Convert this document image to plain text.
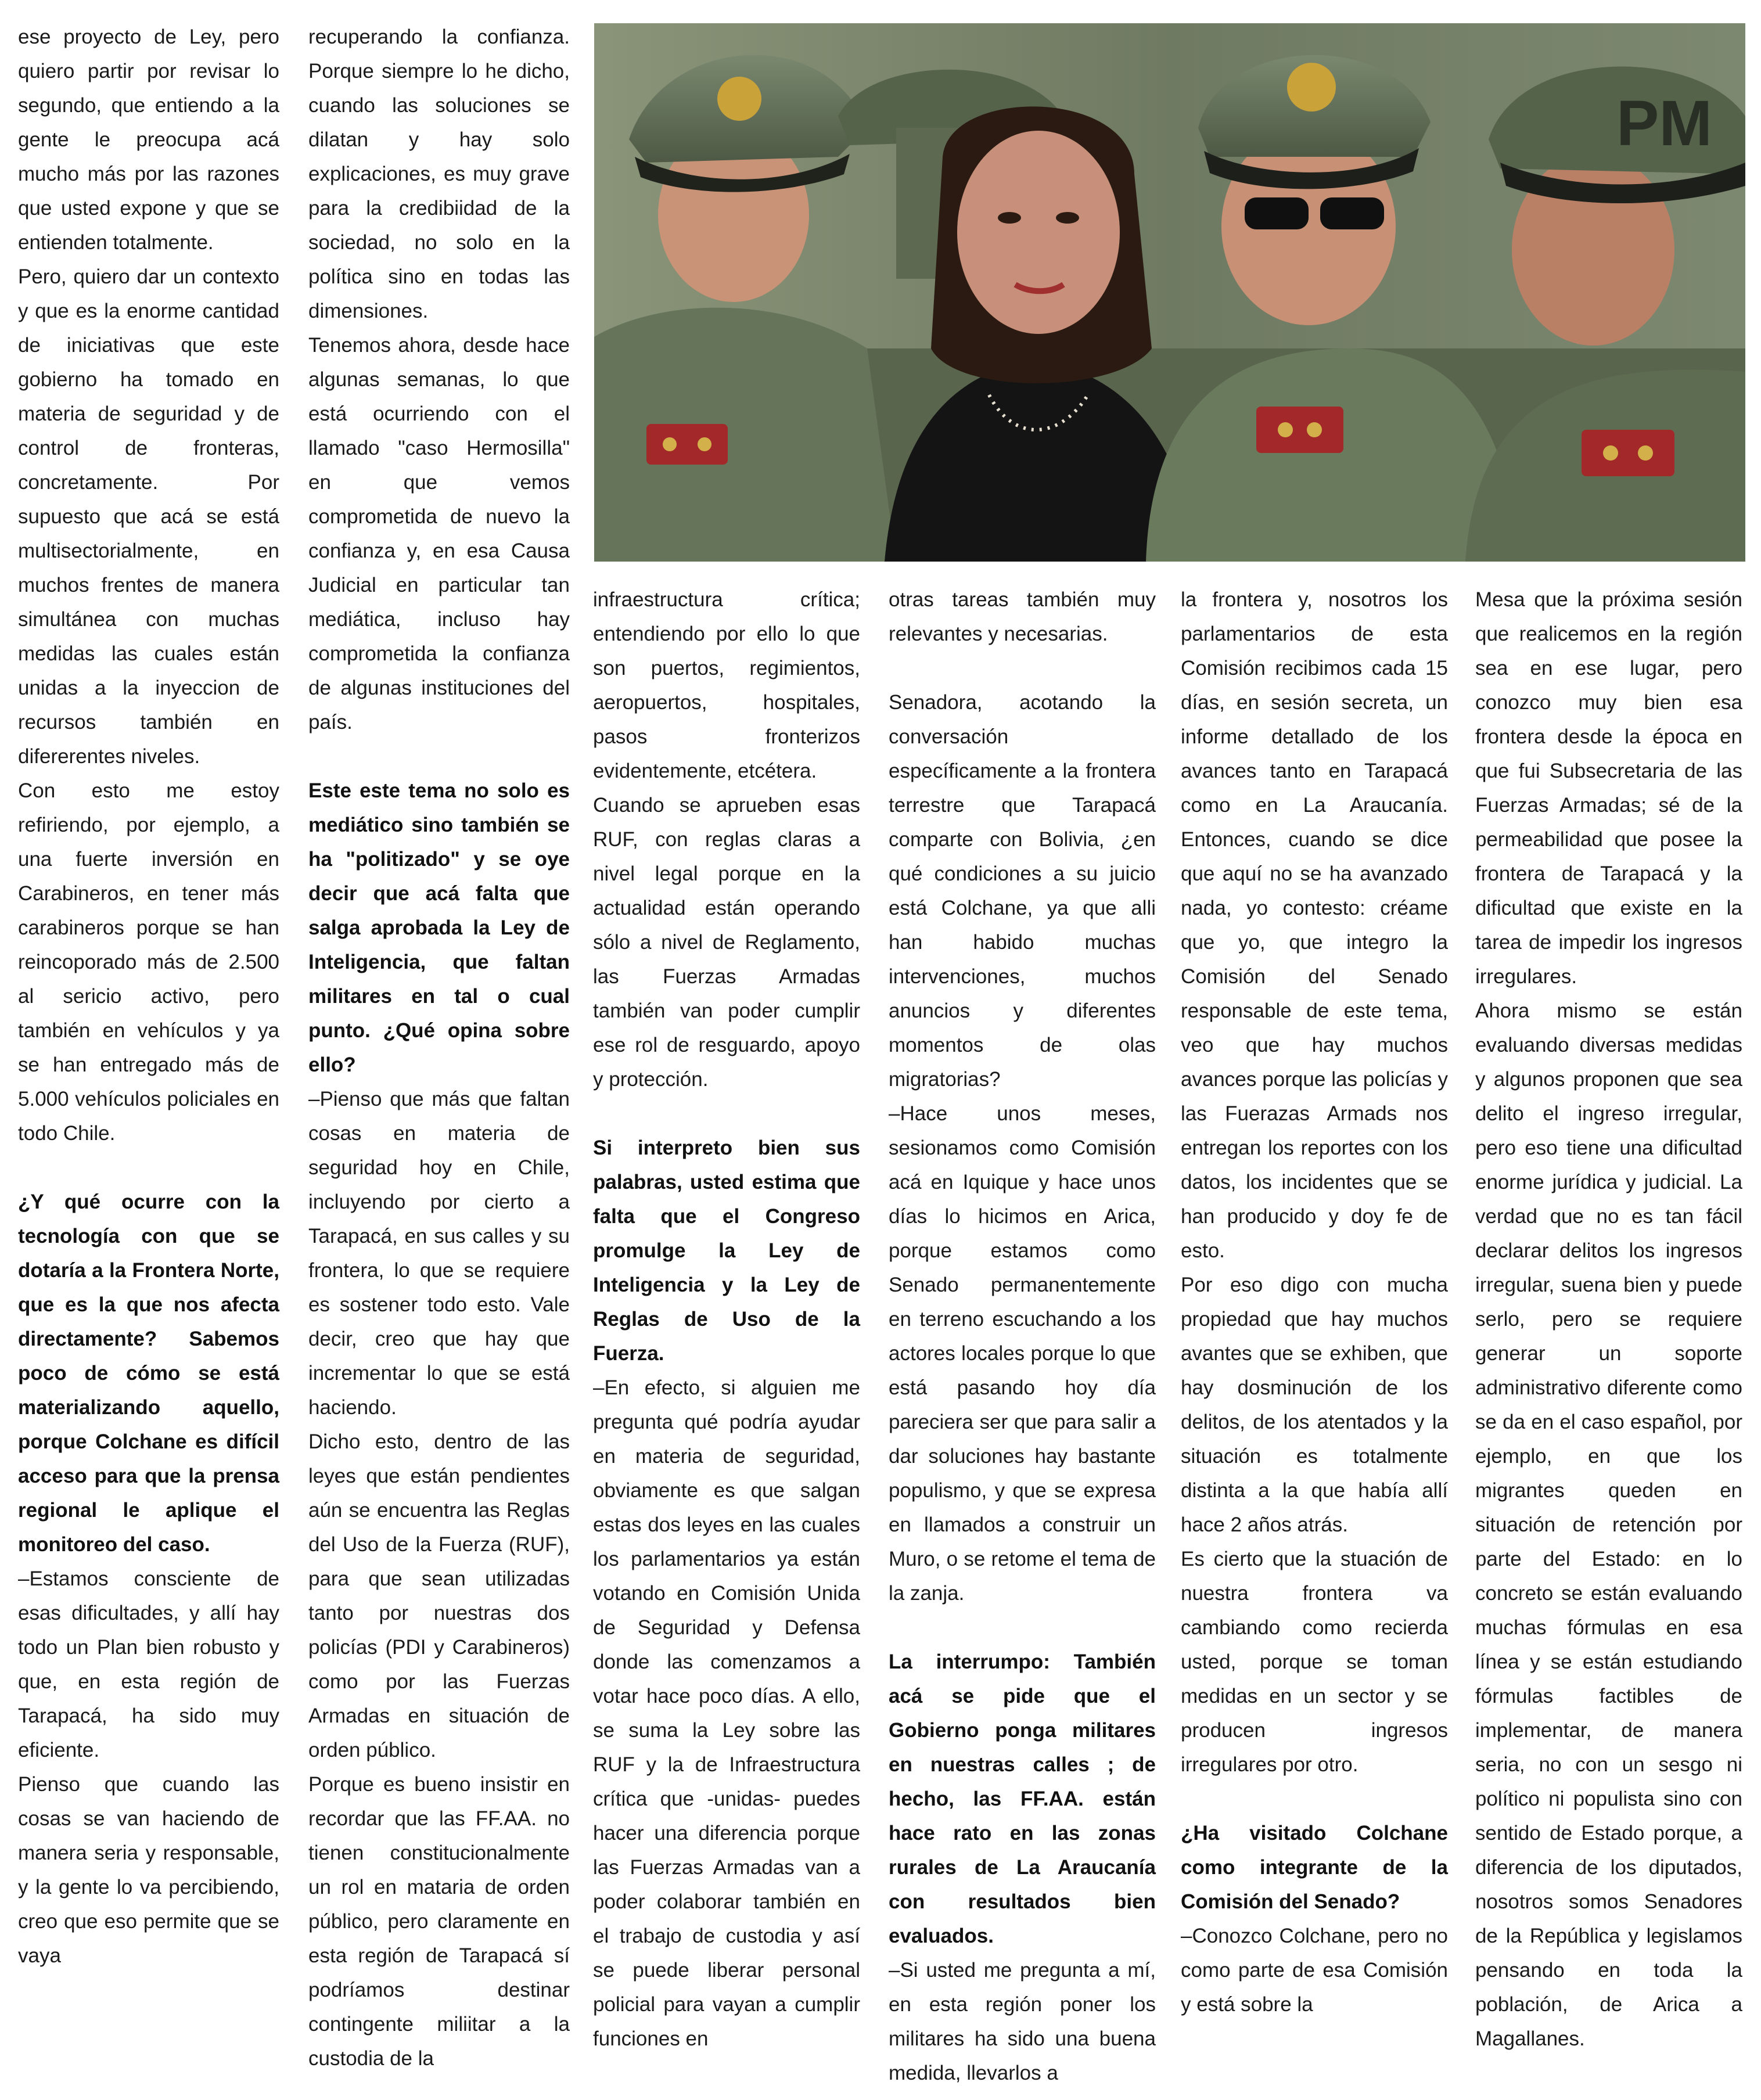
ese proyecto de Ley, pero quiero partir por revisar lo segundo, que entiendo a la gente le preocupa acá mucho más por las razones que usted expone y que se entienden totalmente.

Pero, quiero dar un contexto y que es la enorme cantidad de iniciativas que este gobierno ha tomado en materia de seguridad y de control de fronteras, concretamente. Por supuesto que acá se está multisectorialmente, en muchos frentes de manera simultánea con muchas medidas las cuales están unidas a la inyeccion de recursos también en difererentes niveles.

Con esto me estoy refiriendo, por ejemplo, a una fuerte inversión en Carabineros, en tener más carabineros porque se han reincoporado más de 2.500 al sericio activo, pero también en vehículos y ya se han entregado más de 5.000 vehículos policiales en todo Chile.

¿Y qué ocurre con la tecnología con que se dotaría a la Frontera Norte, que es la que nos afecta directamente? Sabemos poco de cómo se está materializando aquello, porque Colchane es difícil acceso para que la prensa regional le aplique el monitoreo del caso.

–Estamos consciente de esas dificultades, y allí hay todo un Plan bien robusto y que, en esta región de Tarapacá, ha sido muy eficiente.

Pienso que cuando las cosas se van haciendo de manera seria y responsable, y la gente lo va percibiendo, creo que eso permite que se vaya

recuperando la confianza. Porque siempre lo he dicho, cuando las soluciones se dilatan y hay solo explicaciones, es muy grave para la credibiidad de la sociedad, no solo en la política sino en todas las dimensiones.

Tenemos ahora, desde hace algunas semanas, lo que está ocurriendo con el llamado "caso Hermosilla" en que vemos comprometida de nuevo la confianza y, en esa Causa Judicial en particular tan mediática, incluso hay comprometida la confianza de algunas instituciones del país.

Este este tema no solo es mediático sino también se ha "politizado" y se oye decir que acá falta que salga aprobada la Ley de Inteligencia, que faltan militares en tal o cual punto. ¿Qué opina sobre ello?

–Pienso que más que faltan cosas en materia de seguridad hoy en Chile, incluyendo por cierto a Tarapacá, en sus calles y su frontera, lo que se requiere es sostener todo esto. Vale decir, creo que hay que incrementar lo que se está haciendo.

Dicho esto, dentro de las leyes que están pendientes aún se encuentra las Reglas del Uso de la Fuerza (RUF), para que sean utilizadas tanto por nuestras dos policías (PDI y Carabineros) como por las Fuerzas Armadas en situación de orden público.

Porque es bueno insistir en recordar que las FF.AA. no tienen constitucionalmente un rol en mataria de orden público, pero claramente en esta región de Tarapacá sí podríamos destinar contingente miliitar a la custodia de la

PM

infraestructura crítica; entendiendo por ello lo que son puertos, regimientos, aeropuertos, hospitales, pasos fronterizos evidentemente, etcétera.

Cuando se aprueben esas RUF, con reglas claras a nivel legal porque en la actualidad están operando sólo a nivel de Reglamento, las Fuerzas Armadas también van poder cumplir ese rol de resguardo, apoyo y protección.

Si interpreto bien sus palabras, usted estima que falta que el Congreso promulge la Ley de Inteligencia y la Ley de Reglas de Uso de la Fuerza.

–En efecto, si alguien me pregunta qué podría ayudar en materia de seguridad, obviamente es que salgan estas dos leyes en las cuales los parlamentarios ya están votando en Comisión Unida de Seguridad y Defensa donde las comenzamos a votar hace poco días. A ello, se suma la Ley sobre las RUF y la de Infraestructura crítica que -unidas- puedes hacer una diferencia porque las Fuerzas Armadas van a poder colaborar también en el trabajo de custodia y así se puede liberar personal policial para vayan a cumplir funciones en

otras tareas también muy relevantes y necesarias.

Senadora, acotando la conversación específicamente a la frontera terrestre que Tarapacá comparte con Bolivia, ¿en qué condiciones a su juicio está Colchane, ya que alli han habido muchas intervenciones, muchos anuncios y diferentes momentos de olas migratorias?

–Hace unos meses, sesionamos como Comisión acá en Iquique y hace unos días lo hicimos en Arica, porque estamos como Senado permanentemente en terreno escuchando a los actores locales porque lo que está pasando hoy día pareciera ser que para salir a dar soluciones hay bastante populismo, y que se expresa en llamados a construir un Muro, o se retome el tema de la zanja.

La interrumpo: También acá se pide que el Gobierno ponga militares en nuestras calles ; de hecho, las FF.AA. están hace rato en las zonas rurales de La Araucanía con resultados bien evaluados.

–Si usted me pregunta a mí, en esta región poner los militares ha sido una buena medida, llevarlos a

la frontera y, nosotros los parlamentarios de esta Comisión recibimos cada 15 días, en sesión secreta, un informe detallado de los avances tanto en Tarapacá como en La Araucanía. Entonces, cuando se dice que aquí no se ha avanzado nada, yo contesto: créame que yo, que integro la Comisión del Senado responsable de este tema, veo que hay muchos avances porque las policías y las Fuerazas Armads nos entregan los reportes con los datos, los incidentes que se han producido y doy fe de esto.

Por eso digo con mucha propiedad que hay muchos avantes que se exhiben, que hay dosminución de los delitos, de los atentados y la situación es totalmente distinta a la que había allí hace 2 años atrás.

Es cierto que la stuación de nuestra frontera va cambiando como recierda usted, porque se toman medidas en un sector y se producen ingresos irregulares por otro.

¿Ha visitado Colchane como integrante de la Comisión del Senado?

–Conozco Colchane, pero no como parte de esa Comisión y está sobre la

Mesa que la próxima sesión que realicemos en la región sea en ese lugar, pero conozco muy bien esa frontera desde la época en que fui Subsecretaria de las Fuerzas Armadas; sé de la permeabilidad que posee la frontera de Tarapacá y la dificultad que existe en la tarea de impedir los ingresos irregulares.

Ahora mismo se están evaluando diversas medidas y algunos proponen que sea delito el ingreso irregular, pero eso tiene una dificultad enorme jurídica y judicial. La verdad que no es tan fácil declarar delitos los ingresos irregular, suena bien y puede serlo, pero se requiere generar un soporte administrativo diferente como se da en el caso español, por ejemplo, en que los migrantes queden en situación de retención por parte del Estado: en lo concreto se están evaluando muchas fórmulas en esa línea y se están estudiando fórmulas factibles de implementar, de manera seria, no con un sesgo ni político ni populista sino con sentido de Estado porque, a diferencia de los diputados, nosotros somos Senadores de la República y legislamos pensando en toda la población, de Arica a Magallanes.
